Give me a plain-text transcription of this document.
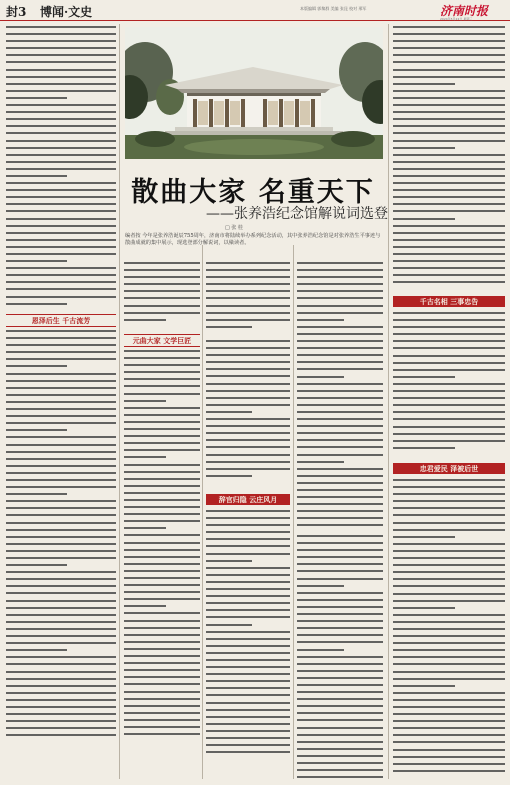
封3 博闻·文史	本版编辑 郭黎群 美编 张昆 校对 邢军	济南时报
2024年5月22日 星期三
恩泽后生 千古流芳
散曲大家 名重天下
——张养浩纪念馆解说词选登
□ 张 桂
编者按 今年是张养浩诞辰755周年，济南市将陆续举办系列纪念活动，其中张养浩纪念馆是对张养浩生平事迹与散曲成就的集中展示，现选登部分解说词，以飨读者。
元曲大家 文学巨匠
辞官归隐 云庄风月
千古名相 三事忠告
忠君爱民 泽被后世
